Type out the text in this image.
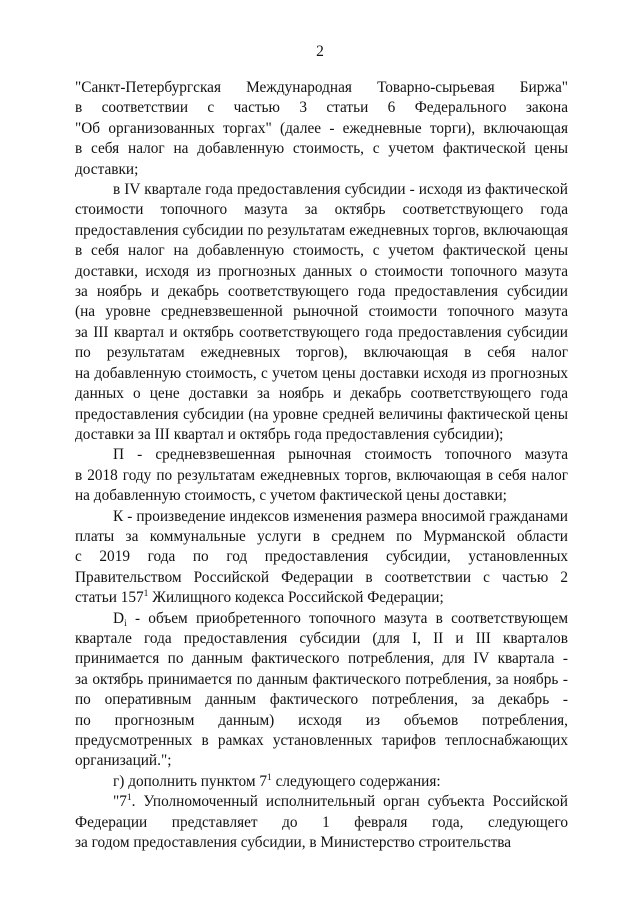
2
"Санкт-Петербургская Международная Товарно-сырьевая Биржа"
в соответствии с частью 3 статьи 6 Федерального закона
"Об организованных торгах" (далее - ежедневные торги), включающая
в себя налог на добавленную стоимость, с учетом фактической цены
доставки;
в IV квартале года предоставления субсидии - исходя из фактической
стоимости топочного мазута за октябрь соответствующего года
предоставления субсидии по результатам ежедневных торгов, включающая
в себя налог на добавленную стоимость, с учетом фактической цены
доставки, исходя из прогнозных данных о стоимости топочного мазута
за ноябрь и декабрь соответствующего года предоставления субсидии
(на уровне средневзвешенной рыночной стоимости топочного мазута
за III квартал и октябрь соответствующего года предоставления субсидии
по результатам ежедневных торгов), включающая в себя налог
на добавленную стоимость, с учетом цены доставки исходя из прогнозных
данных о цене доставки за ноябрь и декабрь соответствующего года
предоставления субсидии (на уровне средней величины фактической цены
доставки за III квартал и октябрь года предоставления субсидии);
П - средневзвешенная рыночная стоимость топочного мазута
в 2018 году по результатам ежедневных торгов, включающая в себя налог
на добавленную стоимость, с учетом фактической цены доставки;
К - произведение индексов изменения размера вносимой гражданами
платы за коммунальные услуги в среднем по Мурманской области
с 2019 года по год предоставления субсидии, установленных
Правительством Российской Федерации в соответствии с частью 2
статьи $157^1$ Жилищного кодекса Российской Федерации;
$D_i$ - объем приобретенного топочного мазута в соответствующем
квартале года предоставления субсидии (для I, II и III кварталов
принимается по данным фактического потребления, для IV квартала -
за октябрь принимается по данным фактического потребления, за ноябрь -
по оперативным данным фактического потребления, за декабрь -
по прогнозным данным) исходя из объемов потребления,
предусмотренных в рамках установленных тарифов теплоснабжающих
организаций.";
г) дополнить пунктом $7^1$ следующего содержания:
"$7^1$. Уполномоченный исполнительный орган субъекта Российской
Федерации представляет до 1 февраля года, следующего
за годом предоставления субсидии, в Министерство строительства
